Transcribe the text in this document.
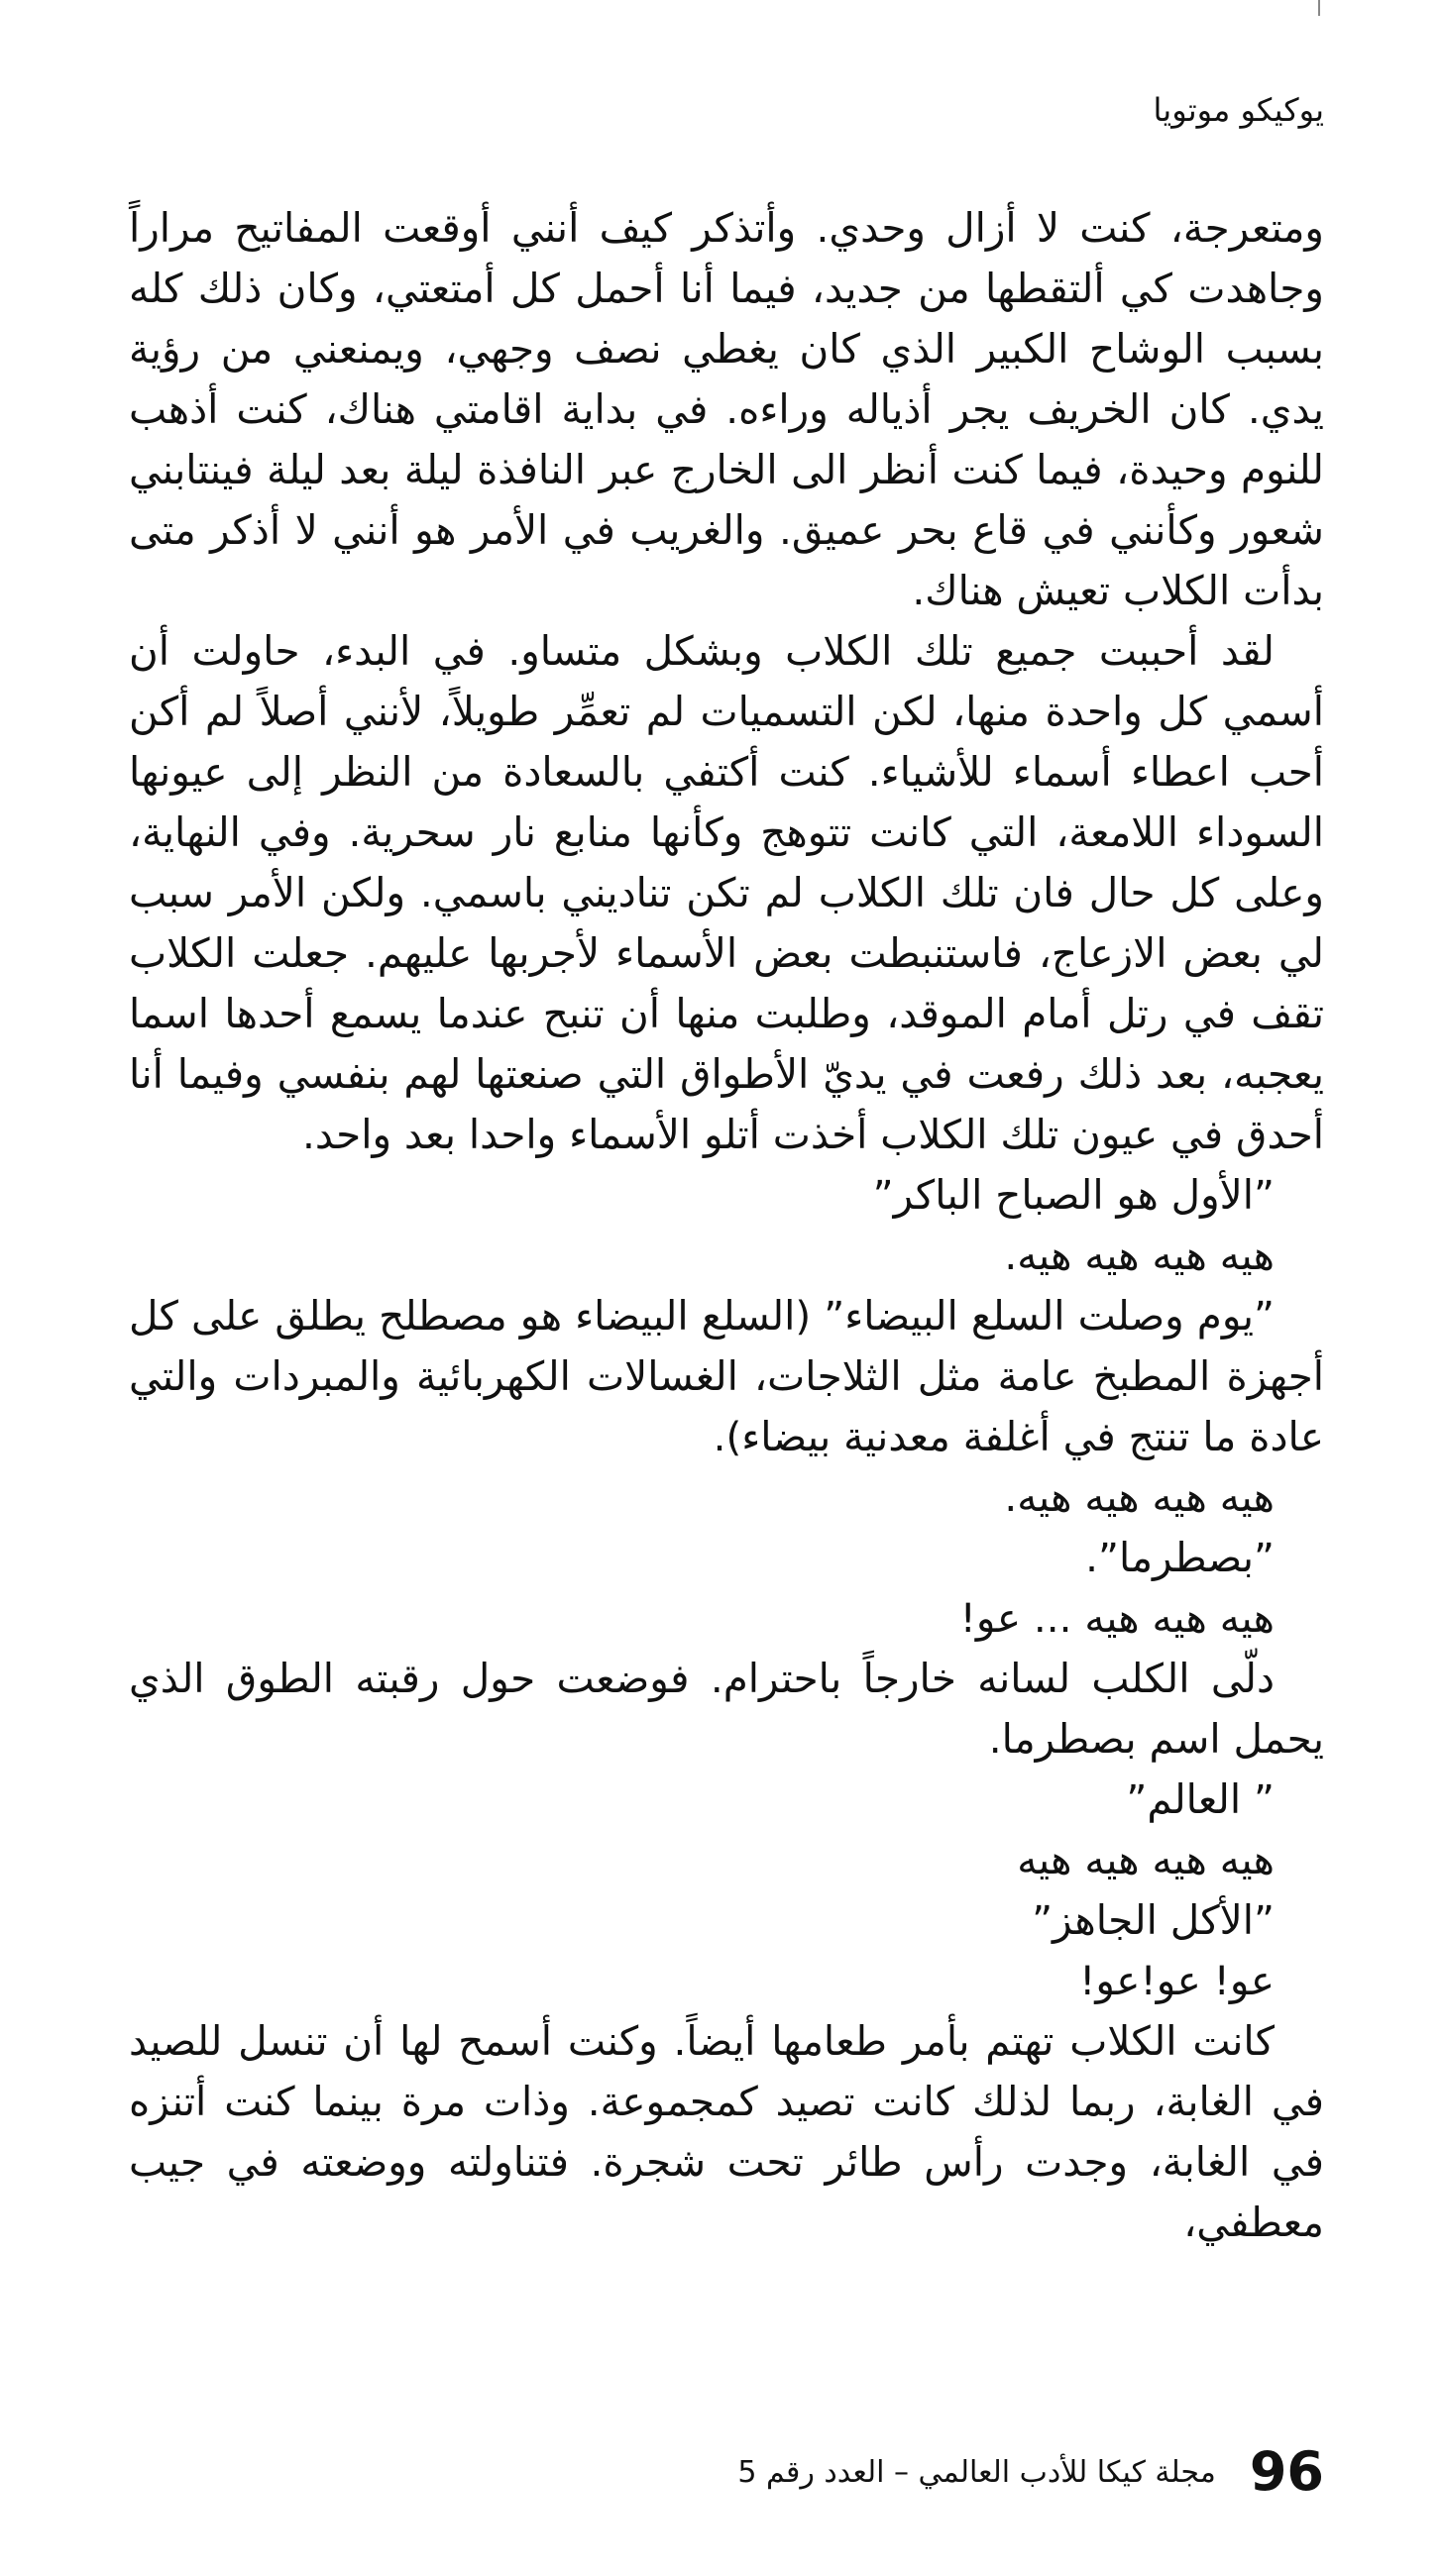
يوكيكو موتويا

ومتعرجة، كنت لا أزال وحدي. وأتذكر كيف أنني أوقعت المفاتيح مراراً وجاهدت كي ألتقطها من جديد، فيما أنا أحمل كل أمتعتي، وكان ذلك كله بسبب الوشاح الكبير الذي كان يغطي نصف وجهي، ويمنعني من رؤية يدي. كان الخريف يجر أذياله وراءه. في بداية اقامتي هناك، كنت أذهب للنوم وحيدة، فيما كنت أنظر الى الخارج عبر النافذة ليلة بعد ليلة فينتابني شعور وكأنني في قاع بحر عميق. والغريب في الأمر هو أنني لا أذكر متى بدأت الكلاب تعيش هناك.

لقد أحببت جميع تلك الكلاب وبشكل متساو. في البدء، حاولت أن أسمي كل واحدة منها، لكن التسميات لم تعمِّر طويلاً، لأنني أصلاً لم أكن أحب اعطاء أسماء للأشياء. كنت أكتفي بالسعادة من النظر إلى عيونها السوداء اللامعة، التي كانت تتوهج وكأنها منابع نار سحرية. وفي النهاية، وعلى كل حال فان تلك الكلاب لم تكن تناديني باسمي. ولكن الأمر سبب لي بعض الازعاج، فاستنبطت بعض الأسماء لأجربها عليهم. جعلت الكلاب تقف في رتل أمام الموقد، وطلبت منها أن تنبح عندما يسمع أحدها اسما يعجبه، بعد ذلك رفعت في يديّ الأطواق التي صنعتها لهم بنفسي وفيما أنا أحدق في عيون تلك الكلاب أخذت أتلو الأسماء واحدا بعد واحد.

”الأول هو الصباح الباكر”

هيه هيه هيه هيه.

”يوم وصلت السلع البيضاء” (السلع البيضاء هو مصطلح يطلق على كل أجهزة المطبخ عامة مثل الثلاجات، الغسالات الكهربائية والمبردات والتي عادة ما تنتج في أغلفة معدنية بيضاء).

هيه هيه هيه هيه.

”بصطرما”.

هيه هيه هيه ... عو!

دلّى الكلب لسانه خارجاً باحترام. فوضعت حول رقبته الطوق الذي يحمل اسم بصطرما.

” العالم”

هيه هيه هيه هيه

”الأكل الجاهز”

عو! عو!عو!

كانت الكلاب تهتم بأمر طعامها أيضاً. وكنت أسمح لها أن تنسل للصيد في الغابة، ربما لذلك كانت تصيد كمجموعة. وذات مرة بينما كنت أتنزه في الغابة، وجدت رأس طائر تحت شجرة. فتناولته ووضعته في جيب معطفي،

96
مجلة كيكا للأدب العالمي – العدد رقم 5
